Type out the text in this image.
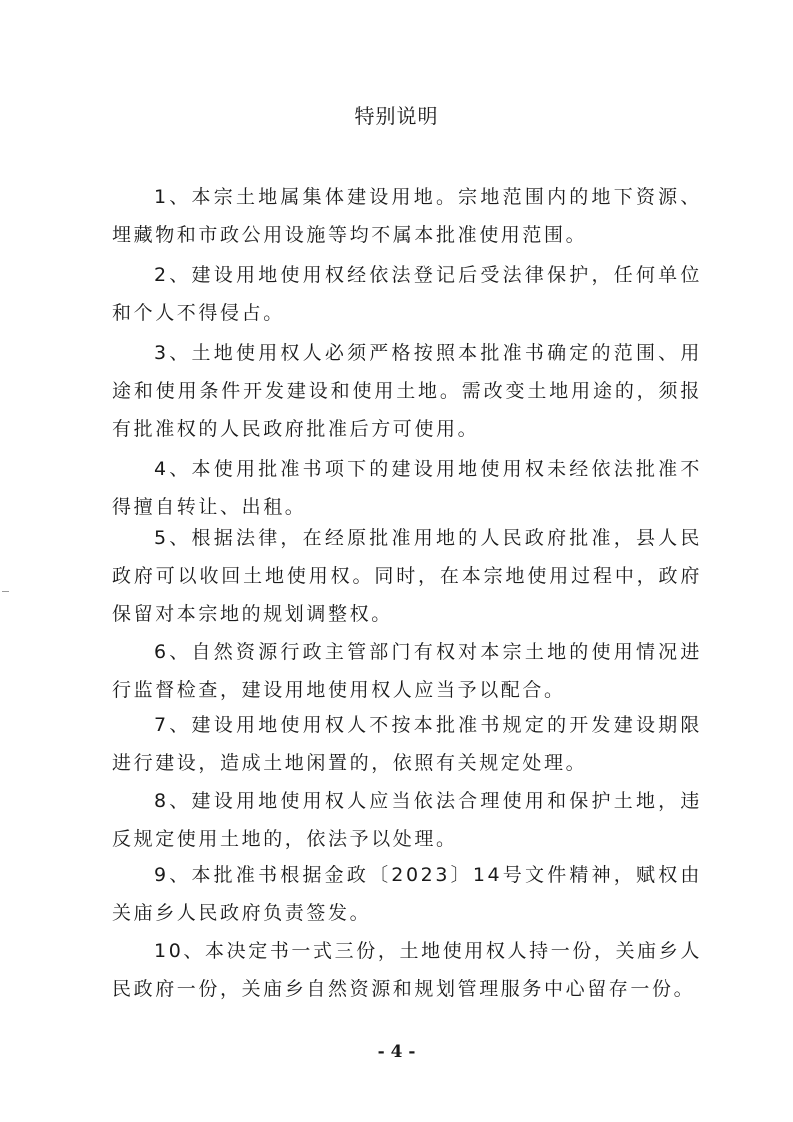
特别说明

1、本宗土地属集体建设用地。宗地范围内的地下资源、埋藏物和市政公用设施等均不属本批准使用范围。

2、建设用地使用权经依法登记后受法律保护，任何单位和个人不得侵占。

3、土地使用权人必须严格按照本批准书确定的范围、用途和使用条件开发建设和使用土地。需改变土地用途的，须报有批准权的人民政府批准后方可使用。

4、本使用批准书项下的建设用地使用权未经依法批准不得擅自转让、出租。

5、根据法律，在经原批准用地的人民政府批准，县人民政府可以收回土地使用权。同时，在本宗地使用过程中，政府保留对本宗地的规划调整权。

6、自然资源行政主管部门有权对本宗土地的使用情况进行监督检查，建设用地使用权人应当予以配合。

7、建设用地使用权人不按本批准书规定的开发建设期限进行建设，造成土地闲置的，依照有关规定处理。

8、建设用地使用权人应当依法合理使用和保护土地，违反规定使用土地的，依法予以处理。

9、本批准书根据金政〔2023〕14号文件精神，赋权由关庙乡人民政府负责签发。

10、本决定书一式三份，土地使用权人持一份，关庙乡人民政府一份，关庙乡自然资源和规划管理服务中心留存一份。

- 4 -
